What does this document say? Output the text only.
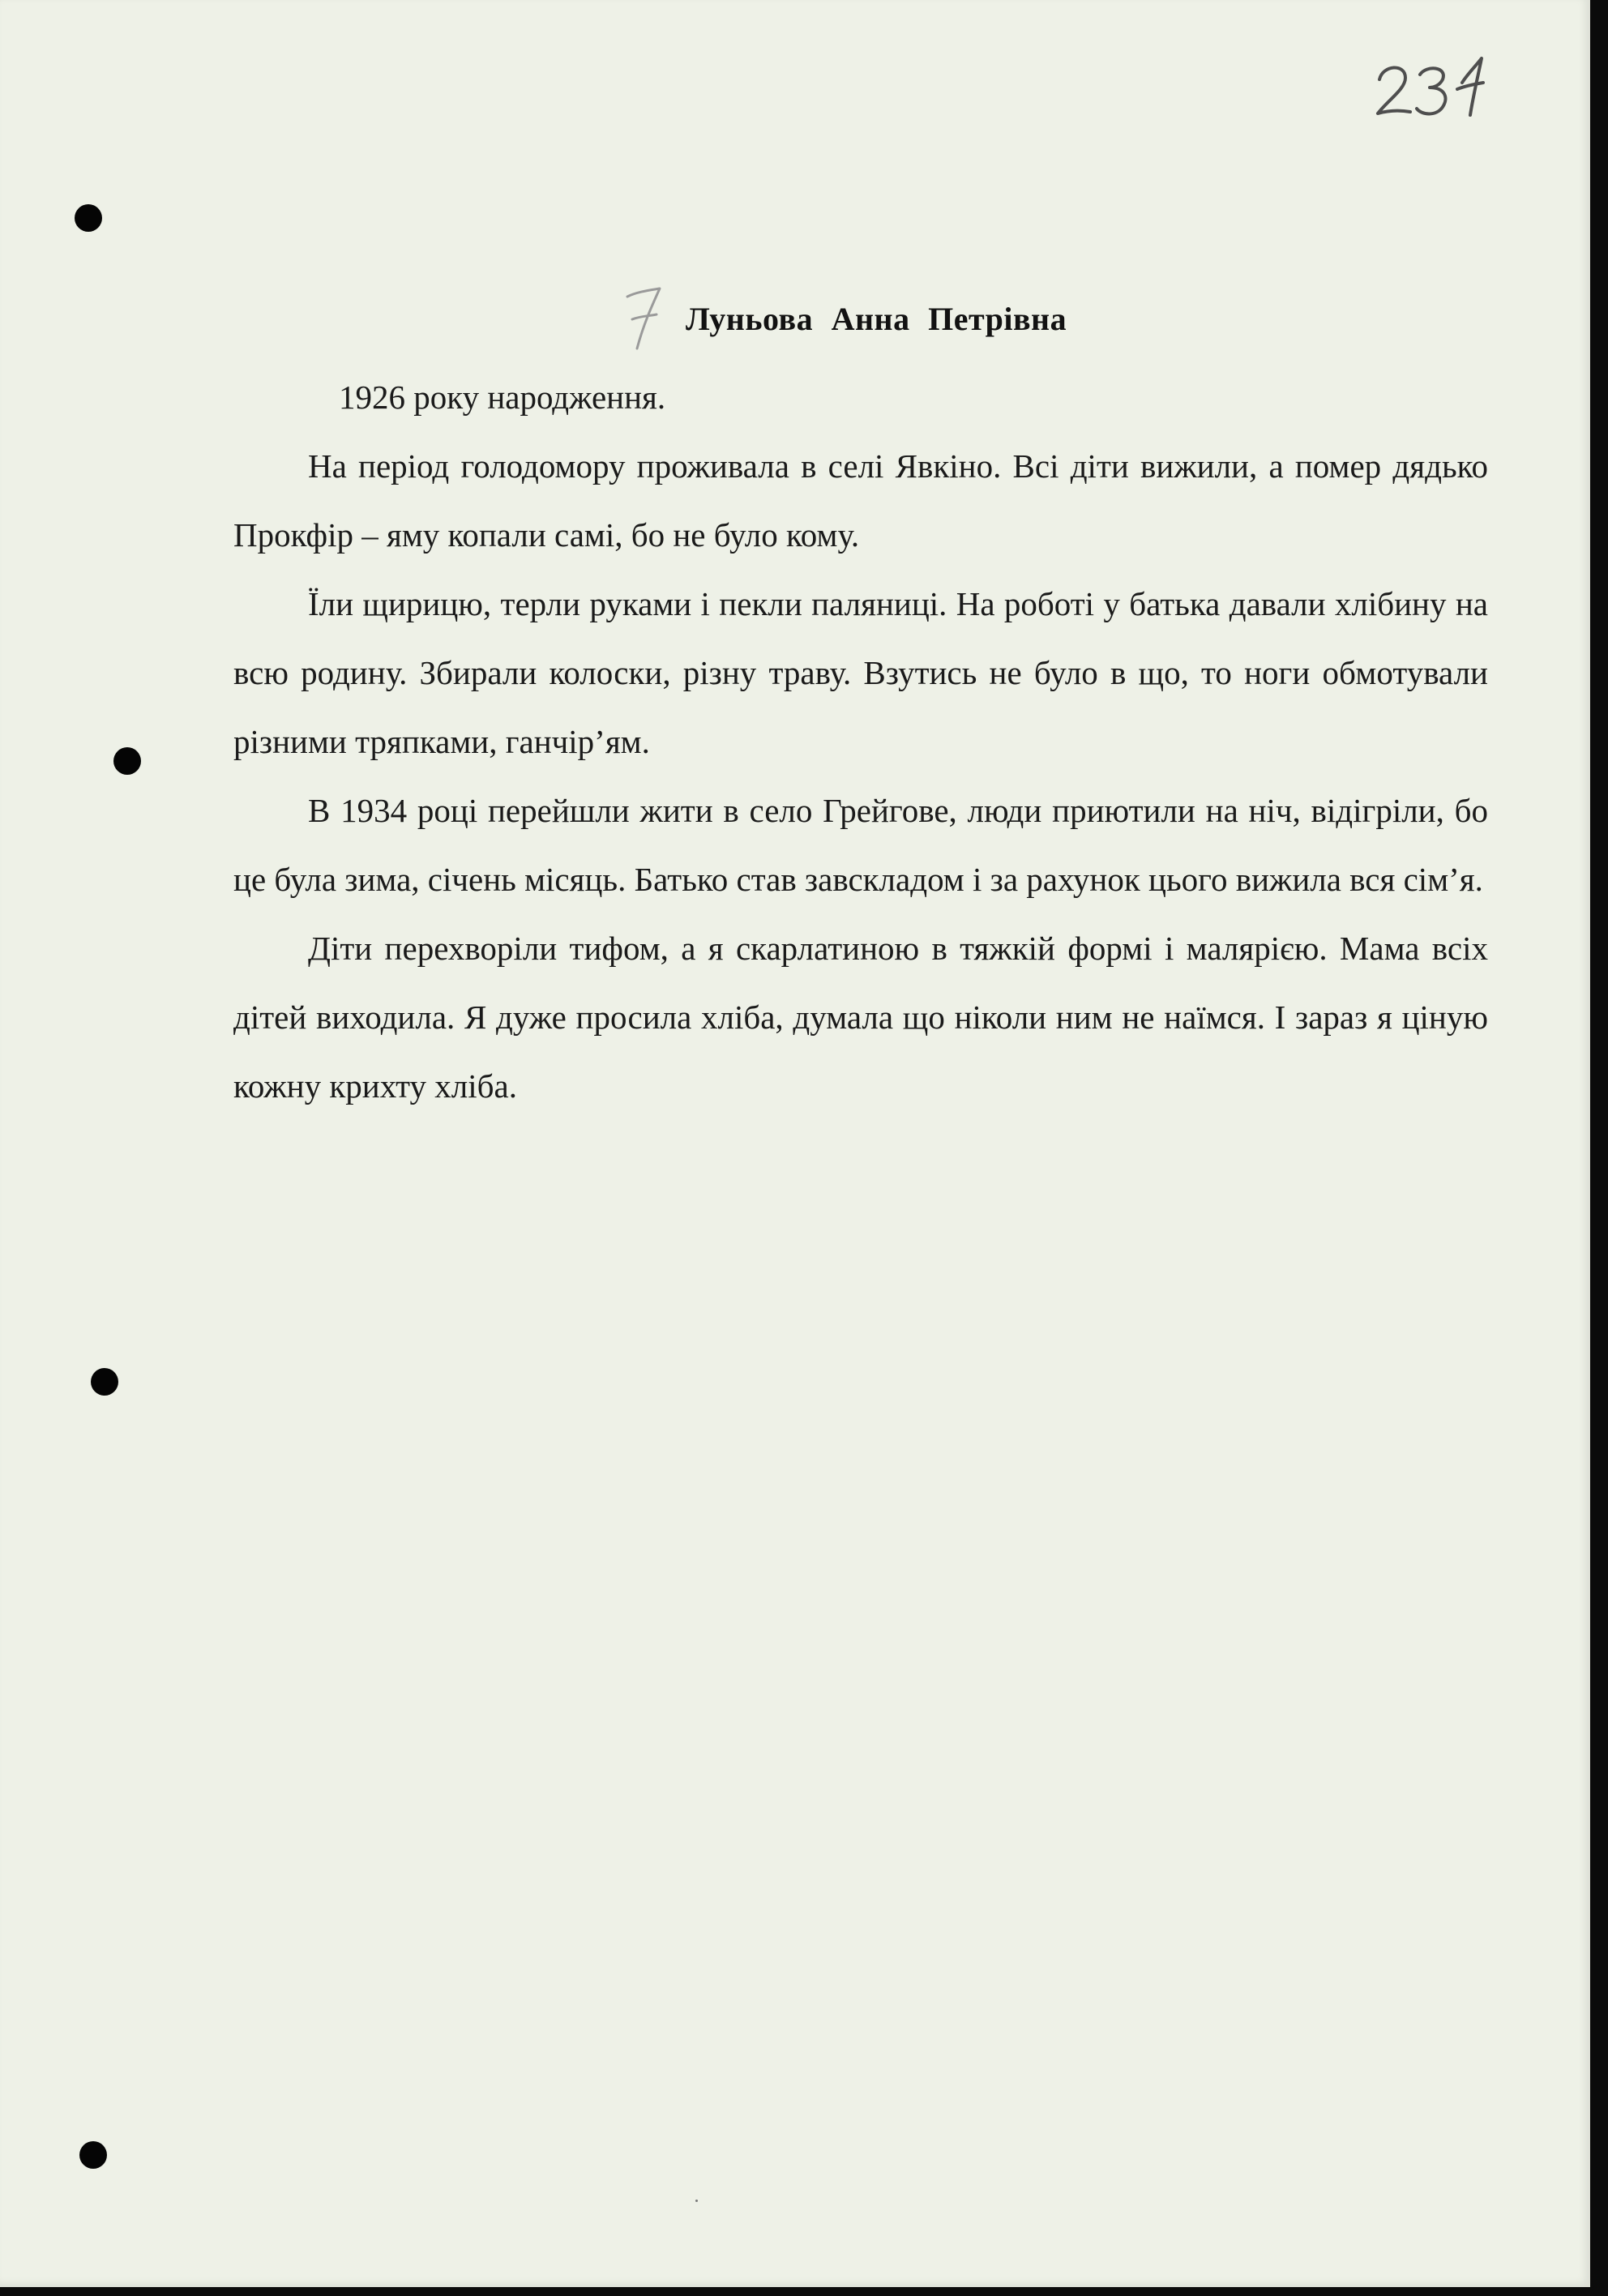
Луньова Анна Петрівна

1926 року народження.

На період голодомору проживала в селі Явкіно. Всі діти вижили, а помер дядько Прокфір – яму копали самі, бо не було кому.

Їли щирицю, терли руками і пекли паляниці. На роботі у батька давали хлібину на всю родину. Збирали колоски, різну траву. Взутись не було в що, то ноги обмотували різними тряпками, ганчір’ям.

В 1934 році перейшли жити в село Грейгове, люди приютили на ніч, відігріли, бо це була зима, січень місяць. Батько став завскладом і за рахунок цього вижила вся сім’я.

Діти перехворіли тифом, а я скарлатиною в тяжкій формі і малярією. Мама всіх дітей виходила. Я дуже просила хліба, думала що ніколи ним не наїмся. І зараз я ціную кожну крихту хліба.
